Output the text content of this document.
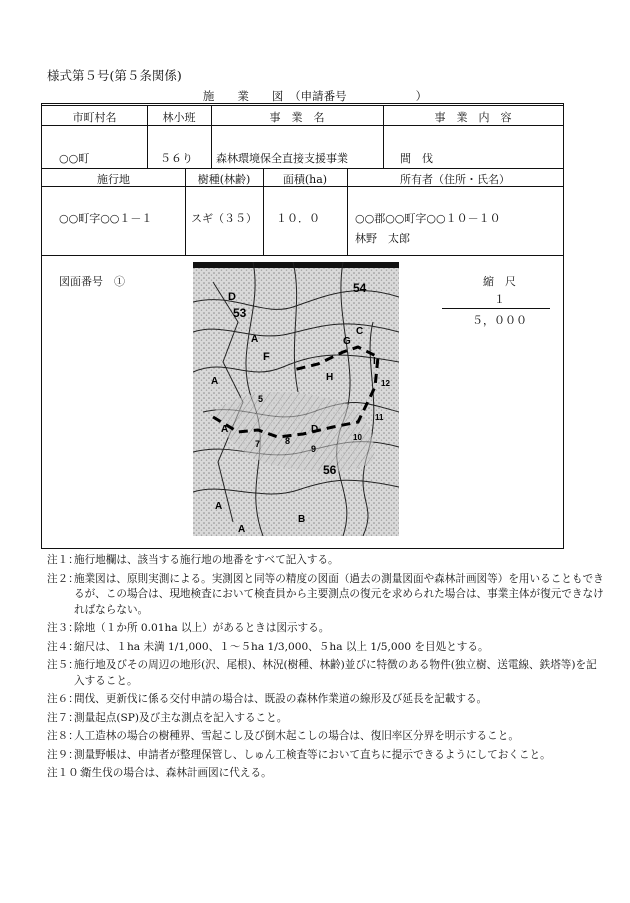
様式第５号(第５条関係)
施　　業　　図　（申請番号　　　　　　）
市町村名	林小班	事　業　名	事　業　内　容
○○町	５６り 森林環境保全直接支援事業	間　伐
施行地	樹種(林齢)	面積(ha)	所有者（住所・氏名）
○○町字○○１－１	スギ（３５） １０．０	○○郡○○町字○○１０－１０
林野　太郎
図面番号　①	縮　尺
１
５，０００
D
53
54
A	G
C
F
A	H
I
12
A
5
11
D
7	8
9
10
56
A
B
A
注１：
施行地欄は、該当する施行地の地番をすべて記入する。
注２：
施業図は、原則実測による。実測図と同等の精度の図面（過去の測量図面や森林計画図等）を用いることもできるが、この場合は、現地検査において検査員から主要測点の復元を求められた場合は、事業主体が復元できなければならない。
注３：
除地（１か所 0.01ha 以上）があるときは図示する。
注４：
縮尺は、１ha 未満 1/1,000、１～５ha 1/3,000、５ha 以上 1/5,000 を目処とする。
注５：
施行地及びその周辺の地形(沢、尾根)、林況(樹種、林齢)並びに特徴のある物件(独立樹、送電線、鉄塔等)を記入すること。
注６：
間伐、更新伐に係る交付申請の場合は、既設の森林作業道の線形及び延長を記載する。
注７：
測量起点(SP)及び主な測点を記入すること。
注８：
人工造林の場合の樹種界、雪起こし及び倒木起こしの場合は、復旧率区分界を明示すること。
注９：
測量野帳は、申請者が整理保管し、しゅん工検査等において直ちに提示できるようにしておくこと。
注１０：
衛生伐の場合は、森林計画図に代える。
